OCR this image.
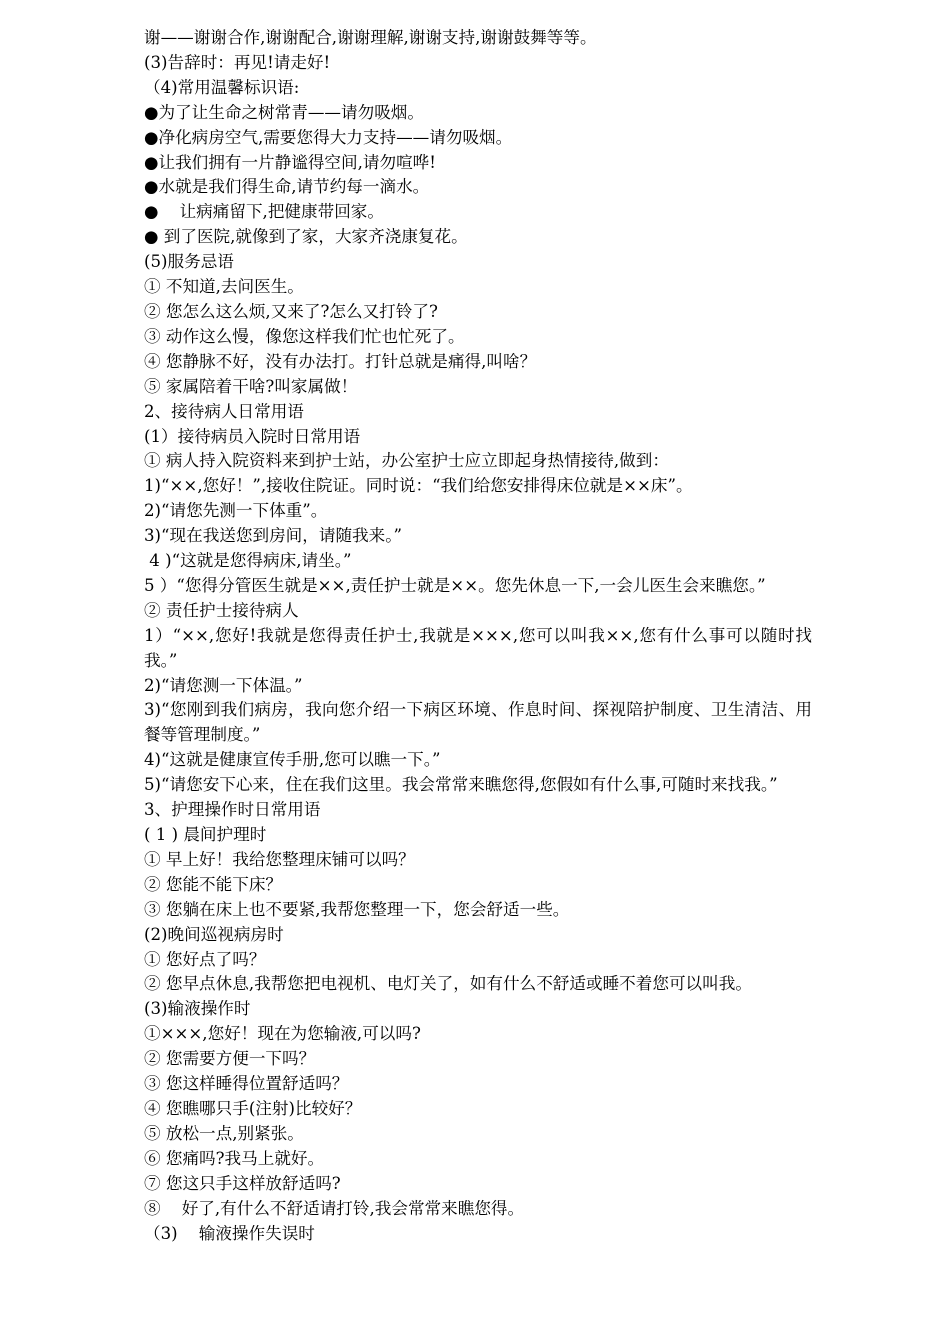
谢——谢谢合作,谢谢配合,谢谢理解,谢谢支持,谢谢鼓舞等等。
(3)告辞时：再见!请走好!
（4)常用温馨标识语:
●为了让生命之树常青——请勿吸烟。
●净化病房空气,需要您得大力支持——请勿吸烟。
●让我们拥有一片静谧得空间,请勿喧哗!
●水就是我们得生命,请节约每一滴水。
●    让病痛留下,把健康带回家。
● 到了医院,就像到了家，大家齐浇康复花。
(5)服务忌语
① 不知道,去问医生。
② 您怎么这么烦,又来了?怎么又打铃了?
③ 动作这么慢，像您这样我们忙也忙死了。
④ 您静脉不好，没有办法打。打针总就是痛得,叫啥？
⑤ 家属陪着干啥?叫家属做！
2、接待病人日常用语
(1）接待病员入院时日常用语
① 病人持入院资料来到护士站，办公室护士应立即起身热情接待,做到：
1)“××,您好！”,接收住院证。同时说：“我们给您安排得床位就是××床”。
2)“请您先测一下体重”。
3)“现在我送您到房间，请随我来。”
4 )“这就是您得病床,请坐。”
5 ）“您得分管医生就是××,责任护士就是××。您先休息一下,一会儿医生会来瞧您。”
② 责任护士接待病人
1）“××,您好!我就是您得责任护士,我就是×××,您可以叫我××,您有什么事可以随时找我。”
2)“请您测一下体温。”
3)“您刚到我们病房，我向您介绍一下病区环境、作息时间、探视陪护制度、卫生清洁、用餐等管理制度。”
4)“这就是健康宣传手册,您可以瞧一下。”
5)“请您安下心来，住在我们这里。我会常常来瞧您得,您假如有什么事,可随时来找我。”
3、护理操作时日常用语
( 1 ) 晨间护理时
① 早上好！我给您整理床铺可以吗？
② 您能不能下床？
③ 您躺在床上也不要紧,我帮您整理一下，您会舒适一些。
(2)晚间巡视病房时
① 您好点了吗？
② 您早点休息,我帮您把电视机、电灯关了，如有什么不舒适或睡不着您可以叫我。
(3)输液操作时
①×××,您好！现在为您输液,可以吗?
② 您需要方便一下吗？
③ 您这样睡得位置舒适吗？
④ 您瞧哪只手(注射)比较好？
⑤ 放松一点,别紧张。
⑥ 您痛吗?我马上就好。
⑦ 您这只手这样放舒适吗?
⑧    好了,有什么不舒适请打铃,我会常常来瞧您得。
（3)    输液操作失误时
